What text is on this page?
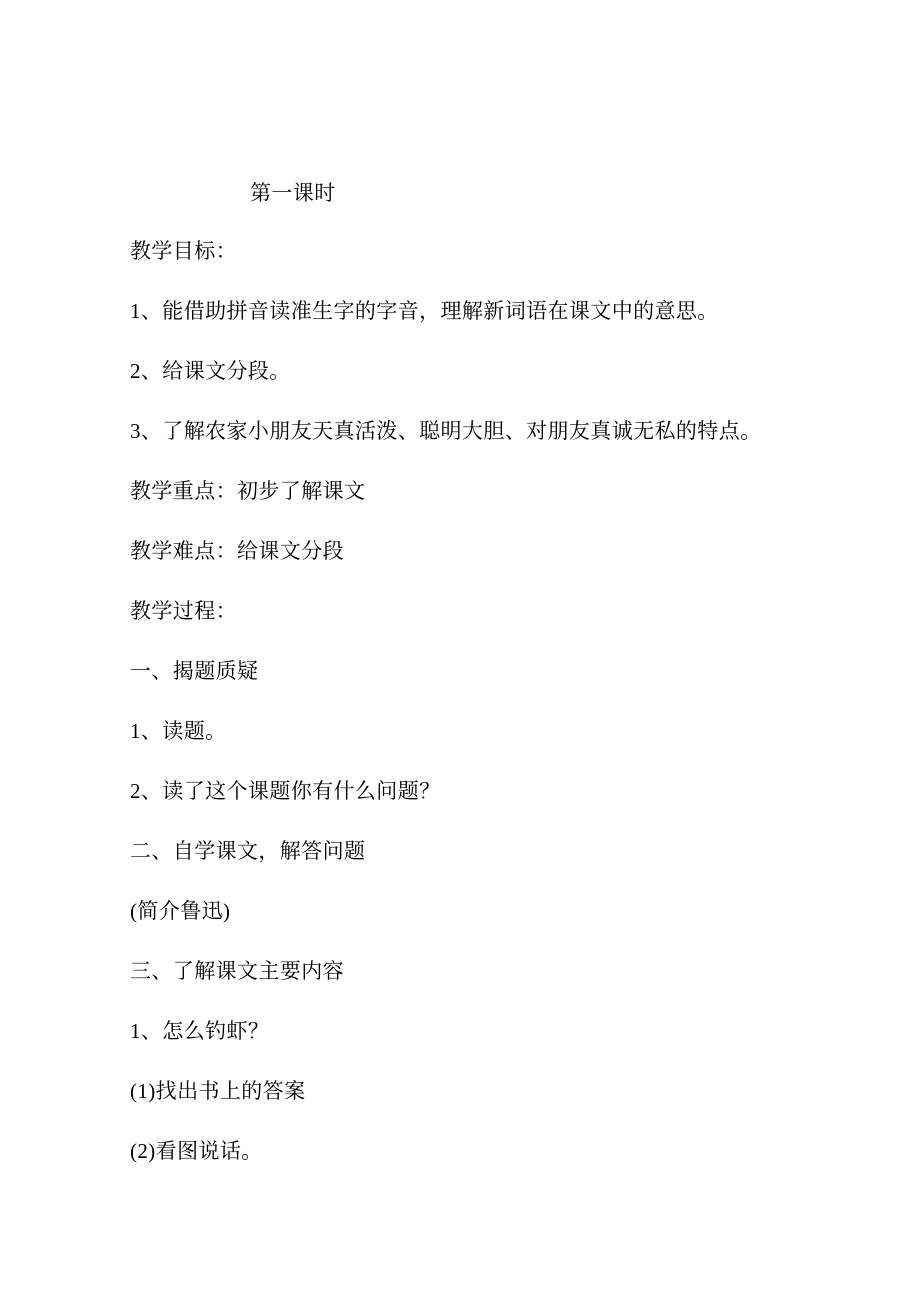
第一课时

教学目标：

1、能借助拼音读准生字的字音，理解新词语在课文中的意思。

2、给课文分段。

3、了解农家小朋友天真活泼、聪明大胆、对朋友真诚无私的特点。

教学重点：初步了解课文

教学难点：给课文分段

教学过程：

一、揭题质疑

1、读题。

2、读了这个课题你有什么问题？

二、自学课文，解答问题

(简介鲁迅)

三、了解课文主要内容

1、怎么钓虾？

(1)找出书上的答案

(2)看图说话。
